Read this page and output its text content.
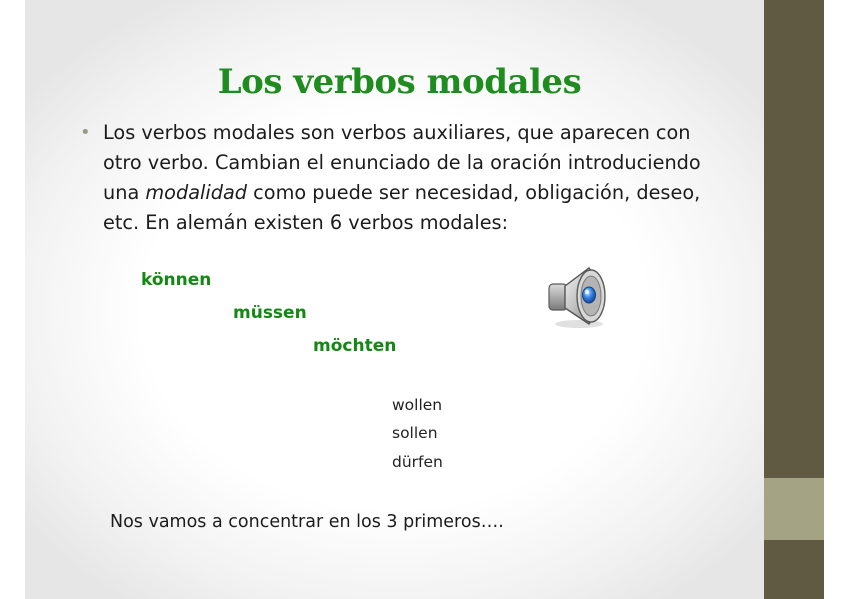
Los verbos modales
• Los verbos modales son verbos auxiliares, que aparecen con otro verbo. Cambian el enunciado de la oración introduciendo una modalidad como puede ser necesidad, obligación, deseo, etc. En alemán existen 6 verbos modales:
können
müssen
möchten
wollen
sollen
dürfen
Nos vamos a concentrar en los 3 primeros….
